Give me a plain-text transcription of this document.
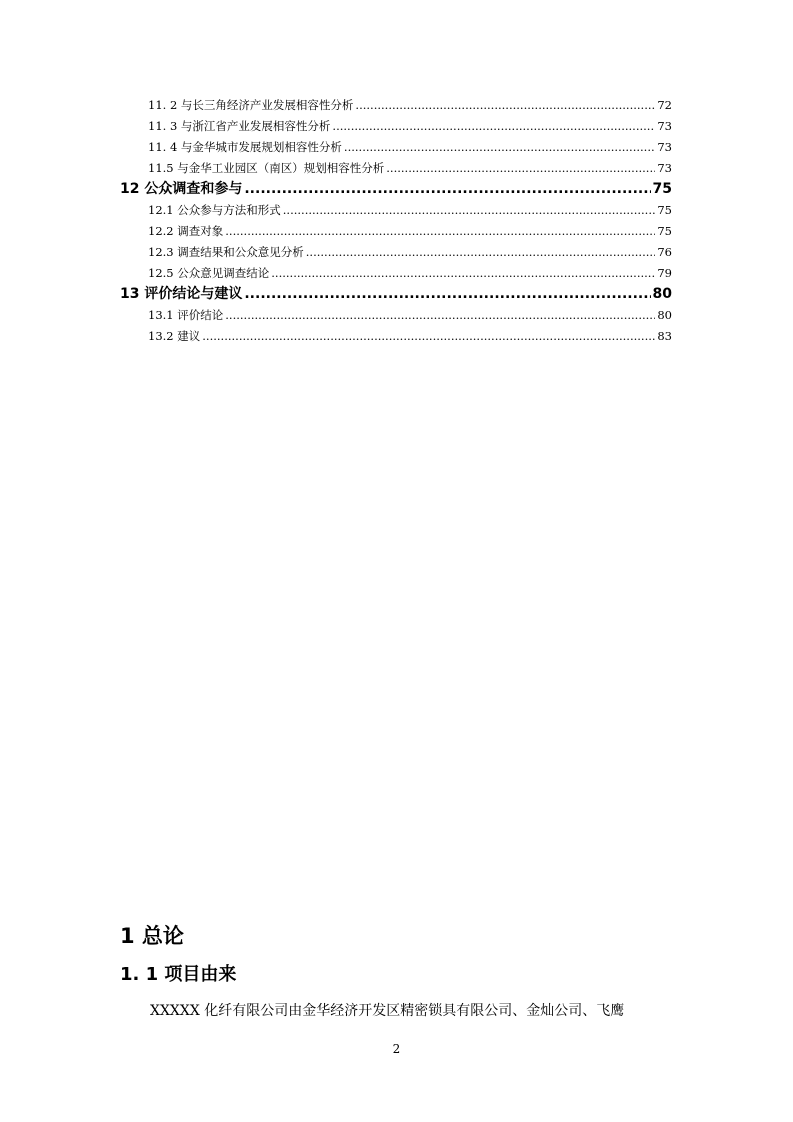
11. 2 与长三角经济产业发展相容性分析 .....	72
11. 3 与浙江省产业发展相容性分析 .....	73
11. 4 与金华城市发展规划相容性分析 .....	73
11.5 与金华工业园区（南区）规划相容性分析 .....	73
12 公众调查和参与 .....	75
12.1 公众参与方法和形式 .....	75
12.2 调查对象 .....	75
12.3 调查结果和公众意见分析 .....	76
12.5 公众意见调查结论 .....	79
13 评价结论与建议 .....	80
13.1 评价结论 .....	80
13.2 建议 .....	83
1 总论
1. 1 项目由来
XXXXX 化纤有限公司由金华经济开发区精密锁具有限公司、金灿公司、飞鹰
2
